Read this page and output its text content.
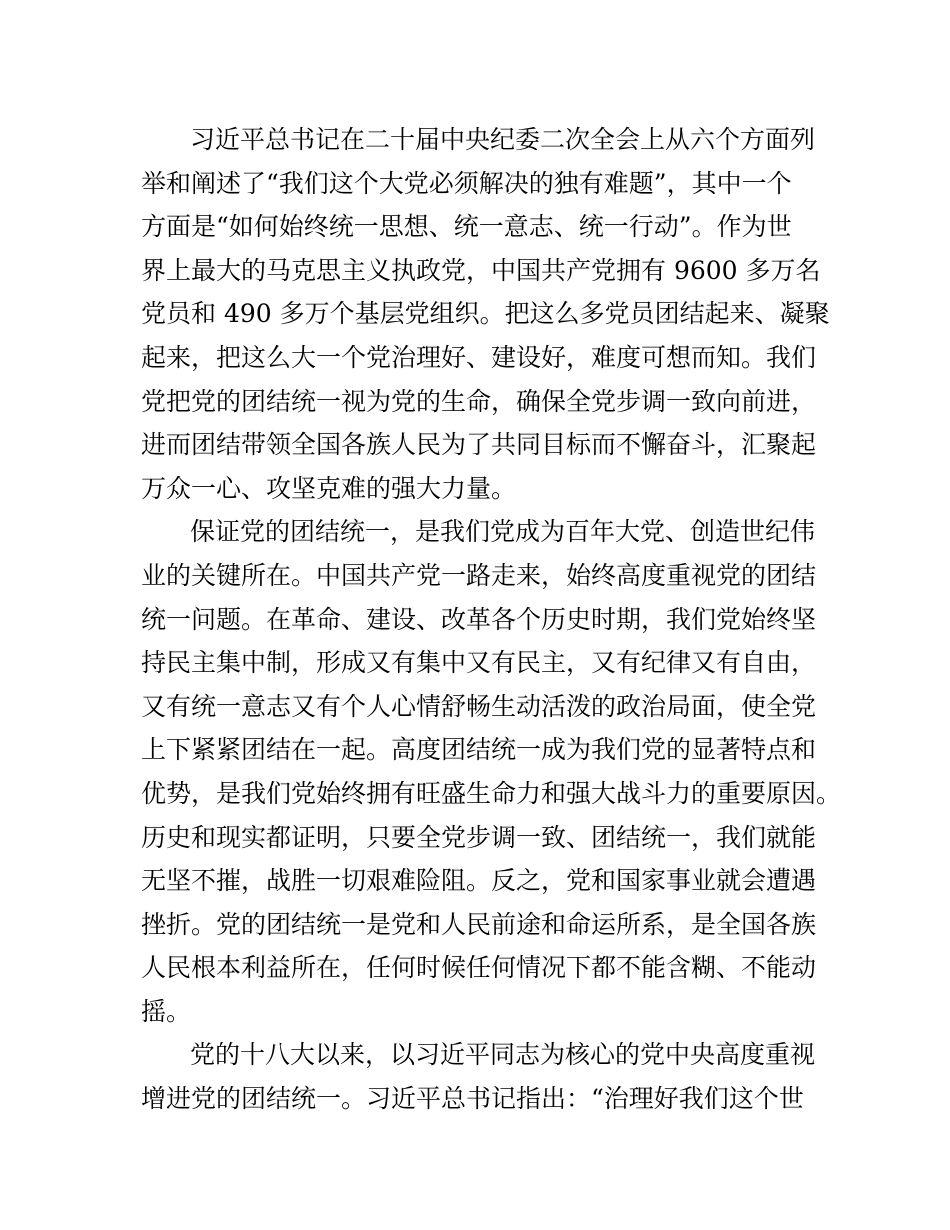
习近平总书记在二十届中央纪委二次全会上从六个方面列
举和阐述了“我们这个大党必须解决的独有难题”，其中一个
方面是“如何始终统一思想、统一意志、统一行动”。作为世
界上最大的马克思主义执政党，中国共产党拥有 9600 多万名
党员和 490 多万个基层党组织。把这么多党员团结起来、凝聚
起来，把这么大一个党治理好、建设好，难度可想而知。我们
党把党的团结统一视为党的生命，确保全党步调一致向前进，
进而团结带领全国各族人民为了共同目标而不懈奋斗，汇聚起
万众一心、攻坚克难的强大力量。
保证党的团结统一，是我们党成为百年大党、创造世纪伟
业的关键所在。中国共产党一路走来，始终高度重视党的团结
统一问题。在革命、建设、改革各个历史时期，我们党始终坚
持民主集中制，形成又有集中又有民主，又有纪律又有自由，
又有统一意志又有个人心情舒畅生动活泼的政治局面，使全党
上下紧紧团结在一起。高度团结统一成为我们党的显著特点和
优势，是我们党始终拥有旺盛生命力和强大战斗力的重要原因。
历史和现实都证明，只要全党步调一致、团结统一，我们就能
无坚不摧，战胜一切艰难险阻。反之，党和国家事业就会遭遇
挫折。党的团结统一是党和人民前途和命运所系，是全国各族
人民根本利益所在，任何时候任何情况下都不能含糊、不能动
摇。
党的十八大以来，以习近平同志为核心的党中央高度重视
增进党的团结统一。习近平总书记指出：“治理好我们这个世
